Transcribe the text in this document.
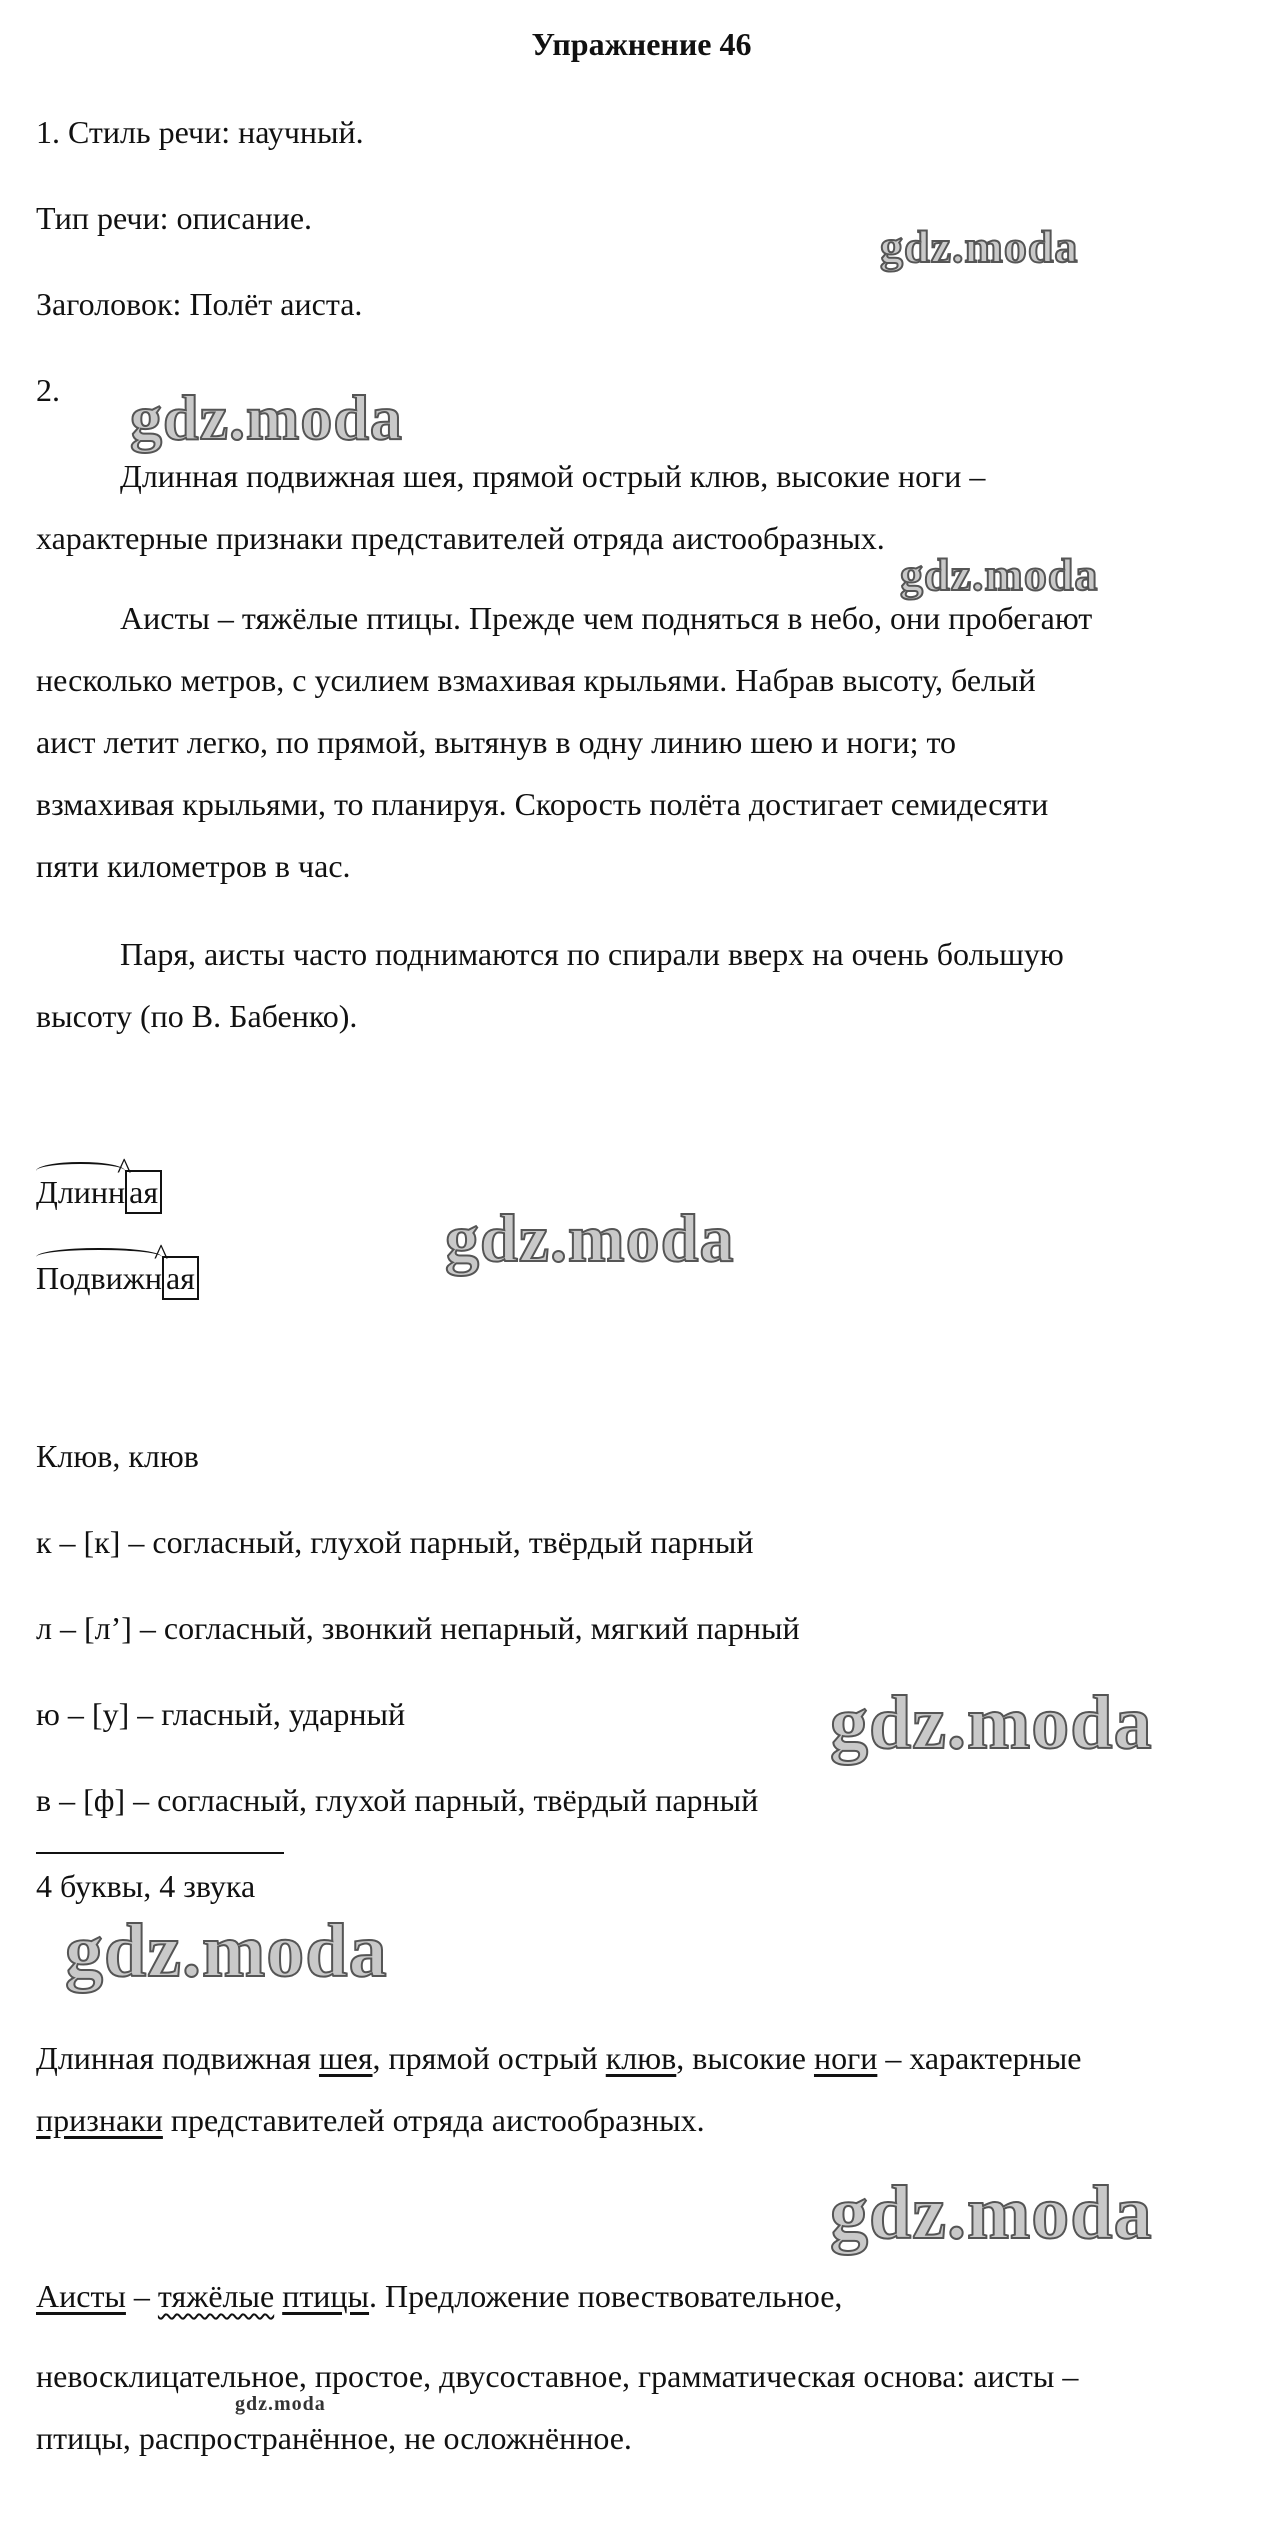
Упражнение 46
1. Стиль речи: научный.
Тип речи: описание.
Заголовок: Полёт аиста.
2.
Длинная подвижная шея, прямой острый клюв, высокие ноги –
характерные признаки представителей отряда аистообразных.
Аисты – тяжёлые птицы. Прежде чем подняться в небо, они пробегают
несколько метров, с усилием взмахивая крыльями. Набрав высоту, белый
аист летит легко, по прямой, вытянув в одну линию шею и ноги; то
взмахивая крыльями, то планируя. Скорость полёта достигает семидесяти
пяти километров в час.
Паря, аисты часто поднимаются по спирали вверх на очень большую
высоту (по В. Бабенко).
Длинн ая ^
Подвижн ая ^
Клюв, клюв
к – [к] – согласный, глухой парный, твёрдый парный
л – [л’] – согласный, звонкий непарный, мягкий парный
ю – [у] – гласный, ударный
в – [ф] – согласный, глухой парный, твёрдый парный
4 буквы, 4 звука
Длинная подвижная шея, прямой острый клюв, высокие ноги – характерные
признаки представителей отряда аистообразных.
Аисты – тяжёлые птицы. Предложение повествовательное,
невосклицательное, простое, двусоставное, грамматическая основа: аисты –
птицы, распространённое, не осложнённое.
gdz.moda
gdz.moda
gdz.moda
gdz.moda
gdz.moda
gdz.moda
gdz.moda
gdz.moda
